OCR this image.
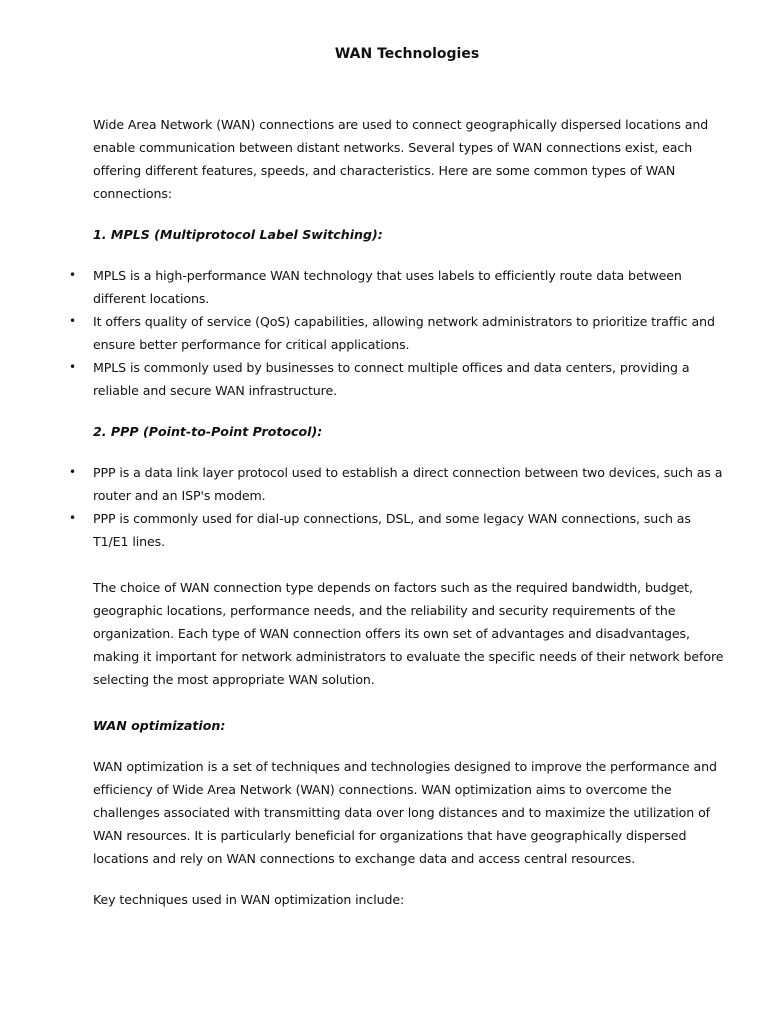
WAN Technologies

Wide Area Network (WAN) connections are used to connect geographically dispersed locations and enable communication between distant networks. Several types of WAN connections exist, each offering different features, speeds, and characteristics. Here are some common types of WAN connections:

1. MPLS (Multiprotocol Label Switching):

• MPLS is a high-performance WAN technology that uses labels to efficiently route data between different locations.
• It offers quality of service (QoS) capabilities, allowing network administrators to prioritize traffic and ensure better performance for critical applications.
• MPLS is commonly used by businesses to connect multiple offices and data centers, providing a reliable and secure WAN infrastructure.

2. PPP (Point-to-Point Protocol):

• PPP is a data link layer protocol used to establish a direct connection between two devices, such as a router and an ISP's modem.
• PPP is commonly used for dial-up connections, DSL, and some legacy WAN connections, such as T1/E1 lines.

The choice of WAN connection type depends on factors such as the required bandwidth, budget, geographic locations, performance needs, and the reliability and security requirements of the organization. Each type of WAN connection offers its own set of advantages and disadvantages, making it important for network administrators to evaluate the specific needs of their network before selecting the most appropriate WAN solution.

WAN optimization:

WAN optimization is a set of techniques and technologies designed to improve the performance and efficiency of Wide Area Network (WAN) connections. WAN optimization aims to overcome the challenges associated with transmitting data over long distances and to maximize the utilization of WAN resources. It is particularly beneficial for organizations that have geographically dispersed locations and rely on WAN connections to exchange data and access central resources.

Key techniques used in WAN optimization include:
